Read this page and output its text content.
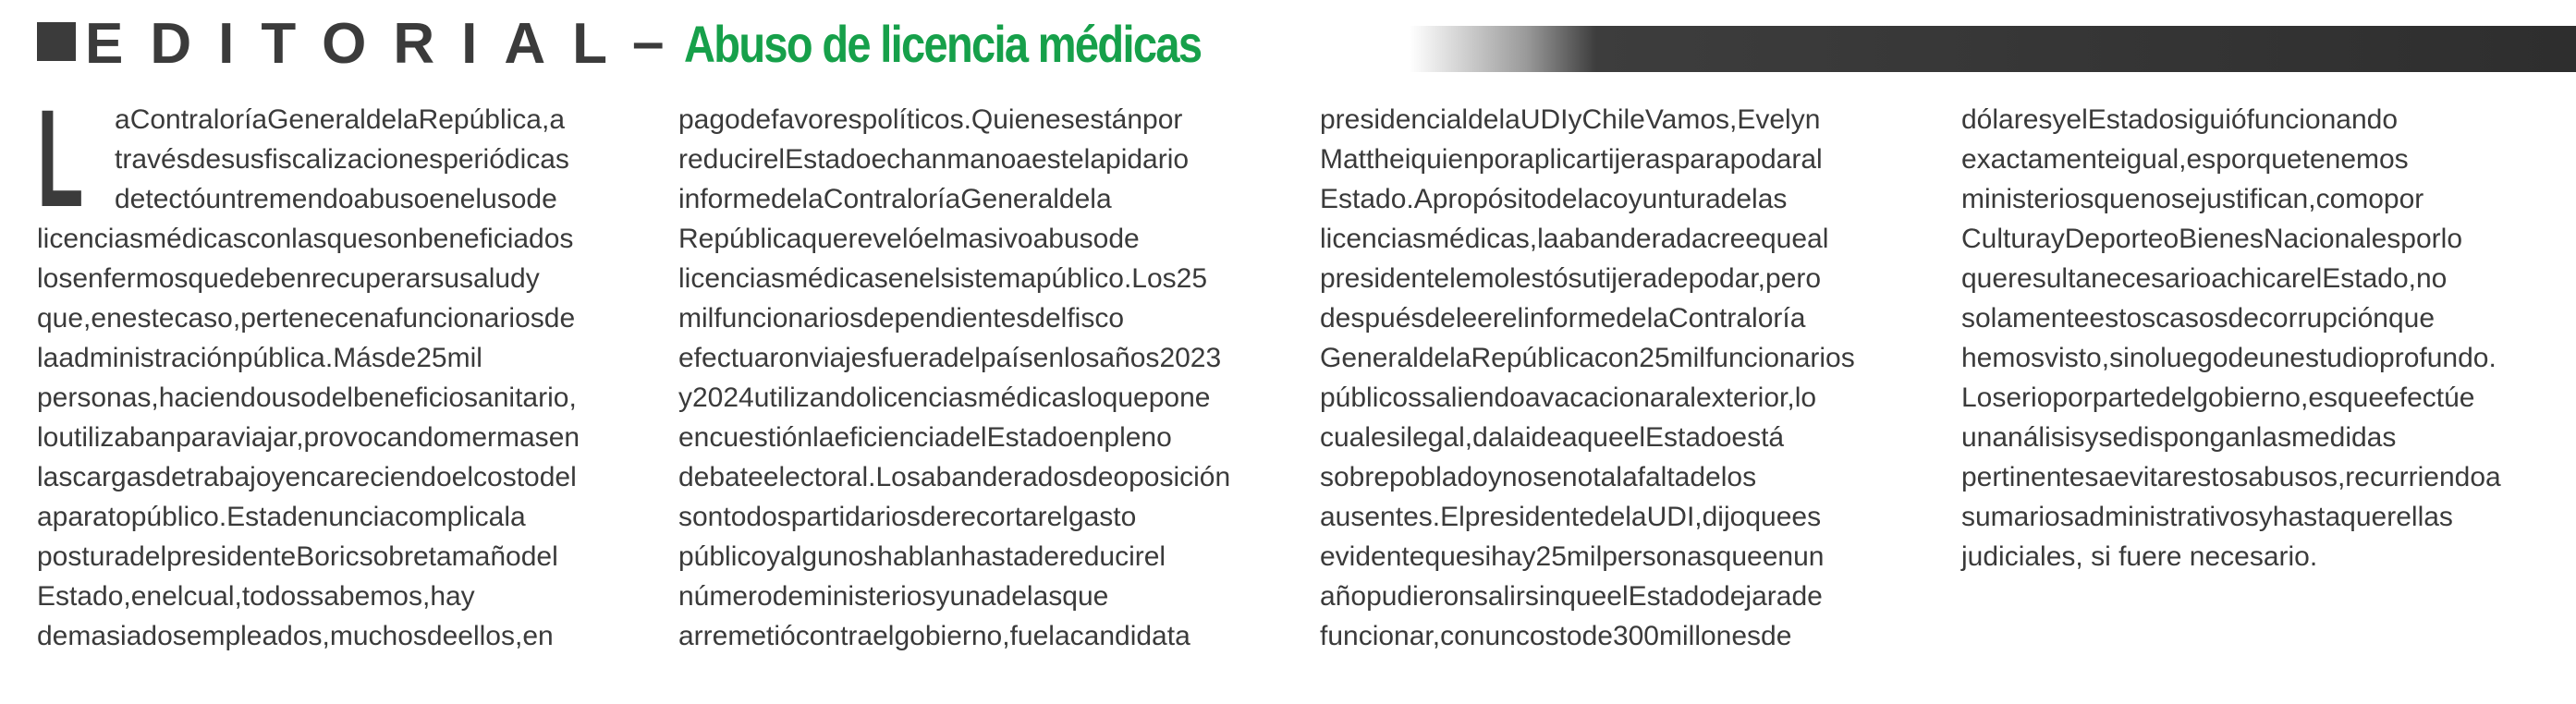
EDITORIAL
– Abuso de licencia médicas
L	aContraloríaGeneraldelaRepública,a
travésdesusfiscalizacionesperiódicas
detectóuntremendoabusoenelusode
licenciasmédicasconlasquesonbeneficiados
losenfermosquedebenrecuperarsusaludy
que,enestecaso,pertenecenafuncionariosde
laadministraciónpública.Másde25mil
personas,haciendousodelbeneficiosanitario,
loutilizabanparaviajar,provocandomermasen
lascargasdetrabajoyencareciendoelcostodel
aparatopúblico.Estadenunciacomplicala
posturadelpresidenteBoricsobretamañodel
Estado,enelcual,todossabemos,hay
demasiadosempleados,muchosdeellos,en
pagodefavorespolíticos.Quienesestánpor
reducirelEstadoechanmanoaestelapidario
informedelaContraloríaGeneraldela
Repúblicaquerevelóelmasivoabusode
licenciasmédicasenelsistemapúblico.Los25
milfuncionariosdependientesdelfisco
efectuaronviajesfueradelpaísenlosaños2023
y2024utilizandolicenciasmédicasloquepone
encuestiónlaeficienciadelEstadoenpleno
debateelectoral.Losabanderadosdeoposición
sontodospartidariosderecortarelgasto
públicoyalgunoshablanhastadereducirel
númerodeministeriosyunadelasque
arremetiócontraelgobierno,fuelacandidata
presidencialdelaUDIyChileVamos,Evelyn
Mattheiquienporaplicartijerasparapodaral
Estado.Apropósitodelacoyunturadelas
licenciasmédicas,laabanderadacreequeal
presidentelemolestósutijeradepodar,pero
despuésdeleerelinformedelaContraloría
GeneraldelaRepúblicacon25milfuncionarios
públicossaliendoavacacionaralexterior,lo
cualesilegal,dalaideaqueelEstadoestá
sobrepobladoynosenotalafaltadelos
ausentes.ElpresidentedelaUDI,dijoquees
evidentequesihay25milpersonasqueenun
añopudieronsalirsinqueelEstadodejarade
funcionar,conuncostode300millonesde
dólaresyelEstadosiguiófuncionando
exactamenteigual,esporquetenemos
ministeriosquenosejustifican,comopor
CulturayDeporteoBienesNacionalesporlo
queresultanecesarioachicarelEstado,no
solamenteestoscasosdecorrupciónque
hemosvisto,sinoluegodeunestudioprofundo.
Loserioporpartedelgobierno,esqueefectúe
unanálisisysedisponganlasmedidas
pertinentesaevitarestosabusos,recurriendoa
sumariosadministrativosyhastaquerellas
judiciales, si fuere necesario.
